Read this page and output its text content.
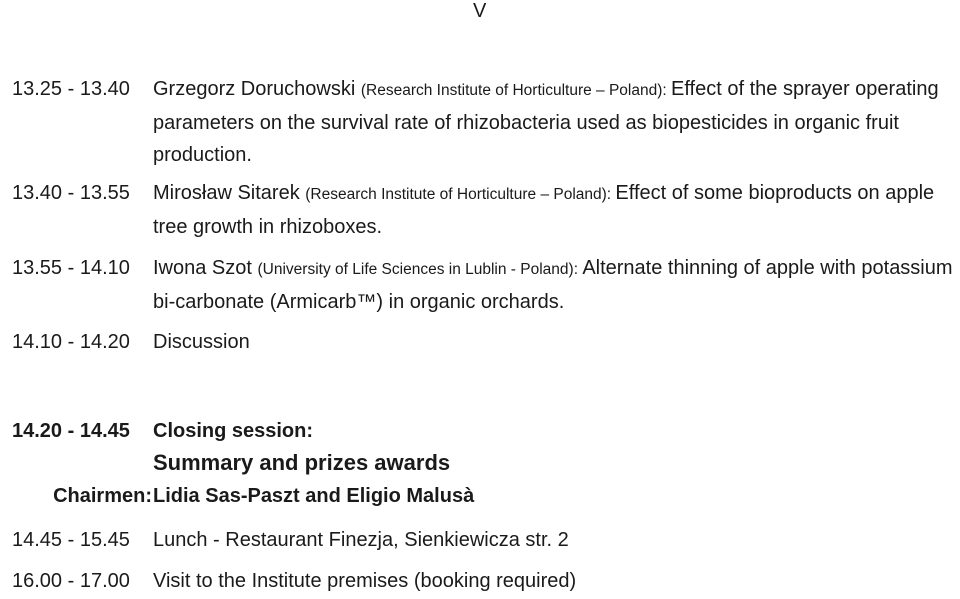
V
13.25 - 13.40	Grzegorz Doruchowski (Research Institute of Horticulture – Poland): Effect of the sprayer operating parameters on the survival rate of rhizobacteria used as biopesticides in organic fruit production.
13.40 - 13.55	Mirosław Sitarek (Research Institute of Horticulture – Poland): Effect of some bioproducts on apple tree growth in rhizoboxes.
13.55 - 14.10	Iwona Szot (University of Life Sciences in Lublin - Poland): Alternate thinning of apple with potassium bi-carbonate (Armicarb™) in organic orchards.
14.10 - 14.20	Discussion
14.20 - 14.45	Closing session:
Summary and prizes awards
Chairmen: Lidia Sas-Paszt and Eligio Malusà
14.45 - 15.45	Lunch - Restaurant Finezja, Sienkiewicza str. 2
16.00 - 17.00	Visit to the Institute premises (booking required)
